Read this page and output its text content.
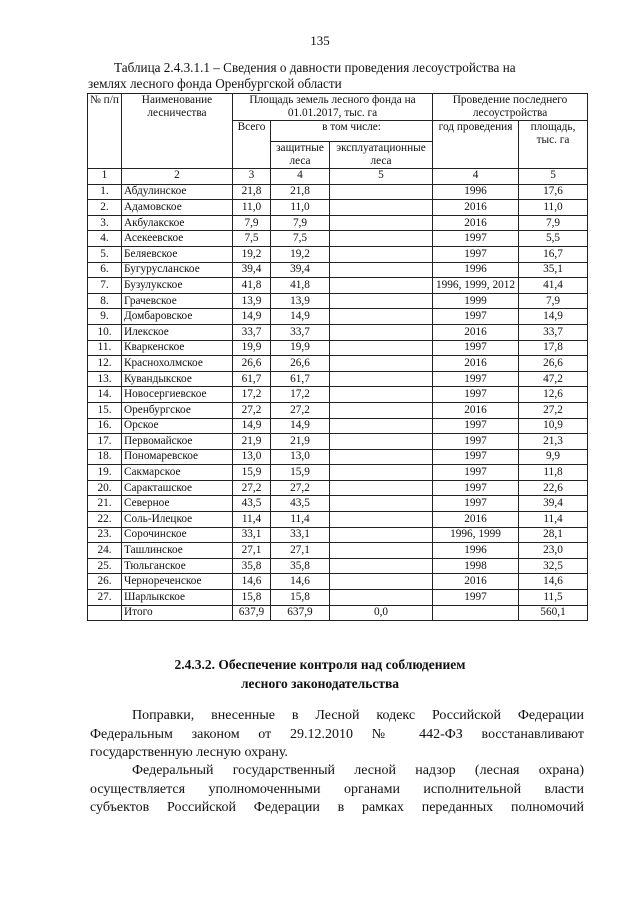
135
Таблица 2.4.3.1.1 – Сведения о давности проведения лесоустройства на
землях лесного фонда Оренбургской области
№ п/п	Наименование лесничества	Площадь земель лесного фонда на 01.01.2017, тыс. га			Проведение последнего лесоустройства	
		Всего	в том числе:		год проведения	площадь, тыс. га
			защитные леса	эксплуатационные леса		
1	2	3	4	5	4	5
1.	Абдулинское	21,8	21,8		1996	17,6
2.	Адамовское	11,0	11,0		2016	11,0
3.	Акбулакское	7,9	7,9		2016	7,9
4.	Асекеевское	7,5	7,5		1997	5,5
5.	Беляевское	19,2	19,2		1997	16,7
6.	Бугурусланское	39,4	39,4		1996	35,1
7.	Бузулукское	41,8	41,8		1996, 1999, 2012	41,4
8.	Грачевское	13,9	13,9		1999	7,9
9.	Домбаровское	14,9	14,9		1997	14,9
10.	Илекское	33,7	33,7		2016	33,7
11.	Кваркенское	19,9	19,9		1997	17,8
12.	Краснохолмское	26,6	26,6		2016	26,6
13.	Кувандыкское	61,7	61,7		1997	47,2
14.	Новосергиевское	17,2	17,2		1997	12,6
15.	Оренбургское	27,2	27,2		2016	27,2
16.	Орское	14,9	14,9		1997	10,9
17.	Первомайское	21,9	21,9		1997	21,3
18.	Пономаревское	13,0	13,0		1997	9,9
19.	Сакмарское	15,9	15,9		1997	11,8
20.	Саракташское	27,2	27,2		1997	22,6
21.	Северное	43,5	43,5		1997	39,4
22.	Соль-Илецкое	11,4	11,4		2016	11,4
23.	Сорочинское	33,1	33,1		1996, 1999	28,1
24.	Ташлинское	27,1	27,1		1996	23,0
25.	Тюльганское	35,8	35,8		1998	32,5
26.	Чернореченское	14,6	14,6		2016	14,6
27.	Шарлыкское	15,8	15,8		1997	11,5
	Итого	637,9	637,9	0,0		560,1
2.4.3.2. Обеспечение контроля над соблюдением
лесного законодательства
Поправки, внесенные в Лесной кодекс Российской Федерации
Федеральным законом от 29.12.2010 № 442-ФЗ восстанавливают
государственную лесную охрану.
Федеральный государственный лесной надзор (лесная охрана)
осуществляется уполномоченными органами исполнительной власти
субъектов Российской Федерации в рамках переданных полномочий
